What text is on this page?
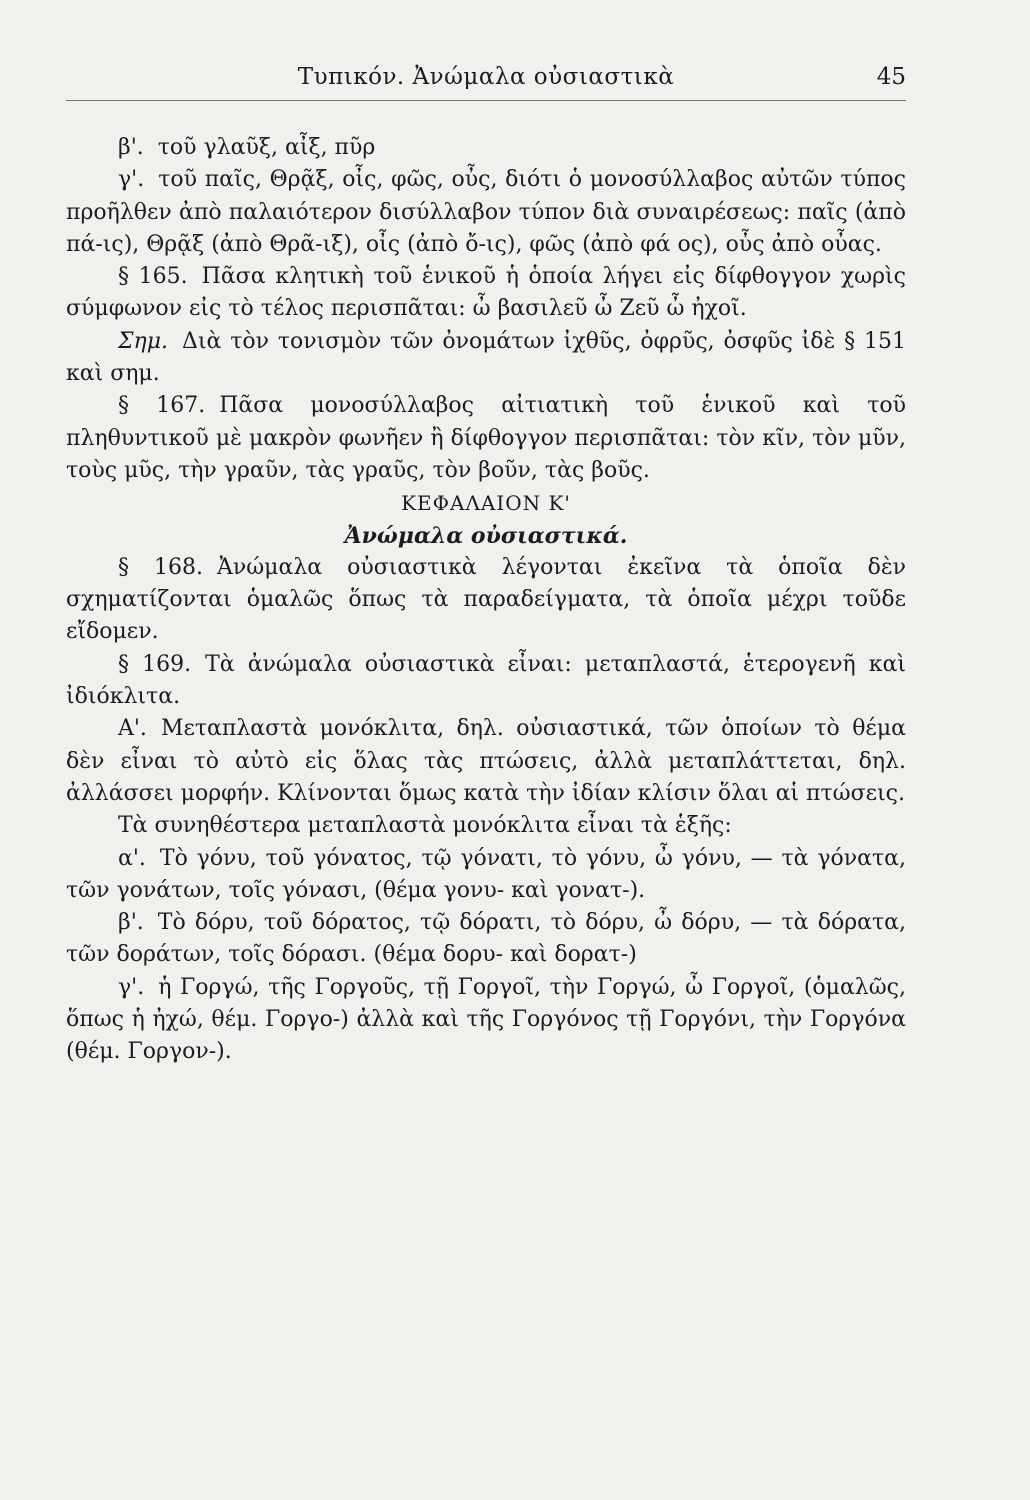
Τυπικόν. Ἀνώμαλα οὐσιαστικὰ	45

β'. τοῦ γλαῦξ, αἶξ, πῦρ

γ'. τοῦ παῖς, Θρᾷξ, οἶς, φῶς, οὖς, διότι ὁ μονοσύλλαβος αὐτῶν τύπος προῆλθεν ἀπὸ παλαιότερον δισύλλαβον τύπον διὰ συναιρέσεως: παῖς (ἀπὸ πά-ις), Θρᾷξ (ἀπὸ Θρᾶ-ιξ), οἶς (ἀπὸ ὄ-ις), φῶς (ἀπὸ φά ος), οὖς ἀπὸ οὖας.

§ 165. Πᾶσα κλητικὴ τοῦ ἑνικοῦ ἡ ὁποία λήγει εἰς δίφθογγον χωρὶς σύμφωνον εἰς τὸ τέλος περισπᾶται: ὦ βασιλεῦ ὦ Ζεῦ ὦ ἠχοῖ.

Σημ. Διὰ τὸν τονισμὸν τῶν ὀνομάτων ἰχθῦς, ὀφρῦς, ὀσφῦς ἰδὲ § 151 καὶ σημ.

§ 167. Πᾶσα μονοσύλλαβος αἰτιατικὴ τοῦ ἑνικοῦ καὶ τοῦ πληθυντικοῦ μὲ μακρὸν φωνῆεν ἢ δίφθογγον περισπᾶται: τὸν κῖν, τὸν μῦν, τοὺς μῦς, τὴν γραῦν, τὰς γραῦς, τὸν βοῦν, τὰς βοῦς.

ΚΕΦΑΛΑΙΟΝ Κ'

Ἀνώμαλα οὐσιαστικά.

§ 168. Ἀνώμαλα οὐσιαστικὰ λέγονται ἐκεῖνα τὰ ὁποῖα δὲν σχηματίζονται ὁμαλῶς ὅπως τὰ παραδείγματα, τὰ ὁποῖα μέχρι τοῦδε εἴδομεν.

§ 169. Τὰ ἀνώμαλα οὐσιαστικὰ εἶναι: μεταπλαστά, ἑτερογενῆ καὶ ἰδιόκλιτα.

Α'. Μεταπλαστὰ μονόκλιτα, δηλ. οὐσιαστικά, τῶν ὁποίων τὸ θέμα δὲν εἶναι τὸ αὐτὸ εἰς ὅλας τὰς πτώσεις, ἀλλὰ μεταπλάττεται, δηλ. ἀλλάσσει μορφήν. Κλίνονται ὅμως κατὰ τὴν ἰδίαν κλίσιν ὅλαι αἱ πτώσεις.

Τὰ συνηθέστερα μεταπλαστὰ μονόκλιτα εἶναι τὰ ἑξῆς:

α'. Τὸ γόνυ, τοῦ γόνατος, τῷ γόνατι, τὸ γόνυ, ὦ γόνυ, — τὰ γόνατα, τῶν γονάτων, τοῖς γόνασι, (θέμα γονυ- καὶ γονατ-).

β'. Τὸ δόρυ, τοῦ δόρατος, τῷ δόρατι, τὸ δόρυ, ὦ δόρυ, — τὰ δόρατα, τῶν δοράτων, τοῖς δόρασι. (θέμα δορυ- καὶ δορατ-)

γ'. ἡ Γοργώ, τῆς Γοργοῦς, τῇ Γοργοῖ, τὴν Γοργώ, ὦ Γοργοῖ, (ὁμαλῶς, ὅπως ἡ ἠχώ, θέμ. Γοργο-) ἀλλὰ καὶ τῆς Γοργόνος τῇ Γοργόνι, τὴν Γοργόνα (θέμ. Γοργον-).
